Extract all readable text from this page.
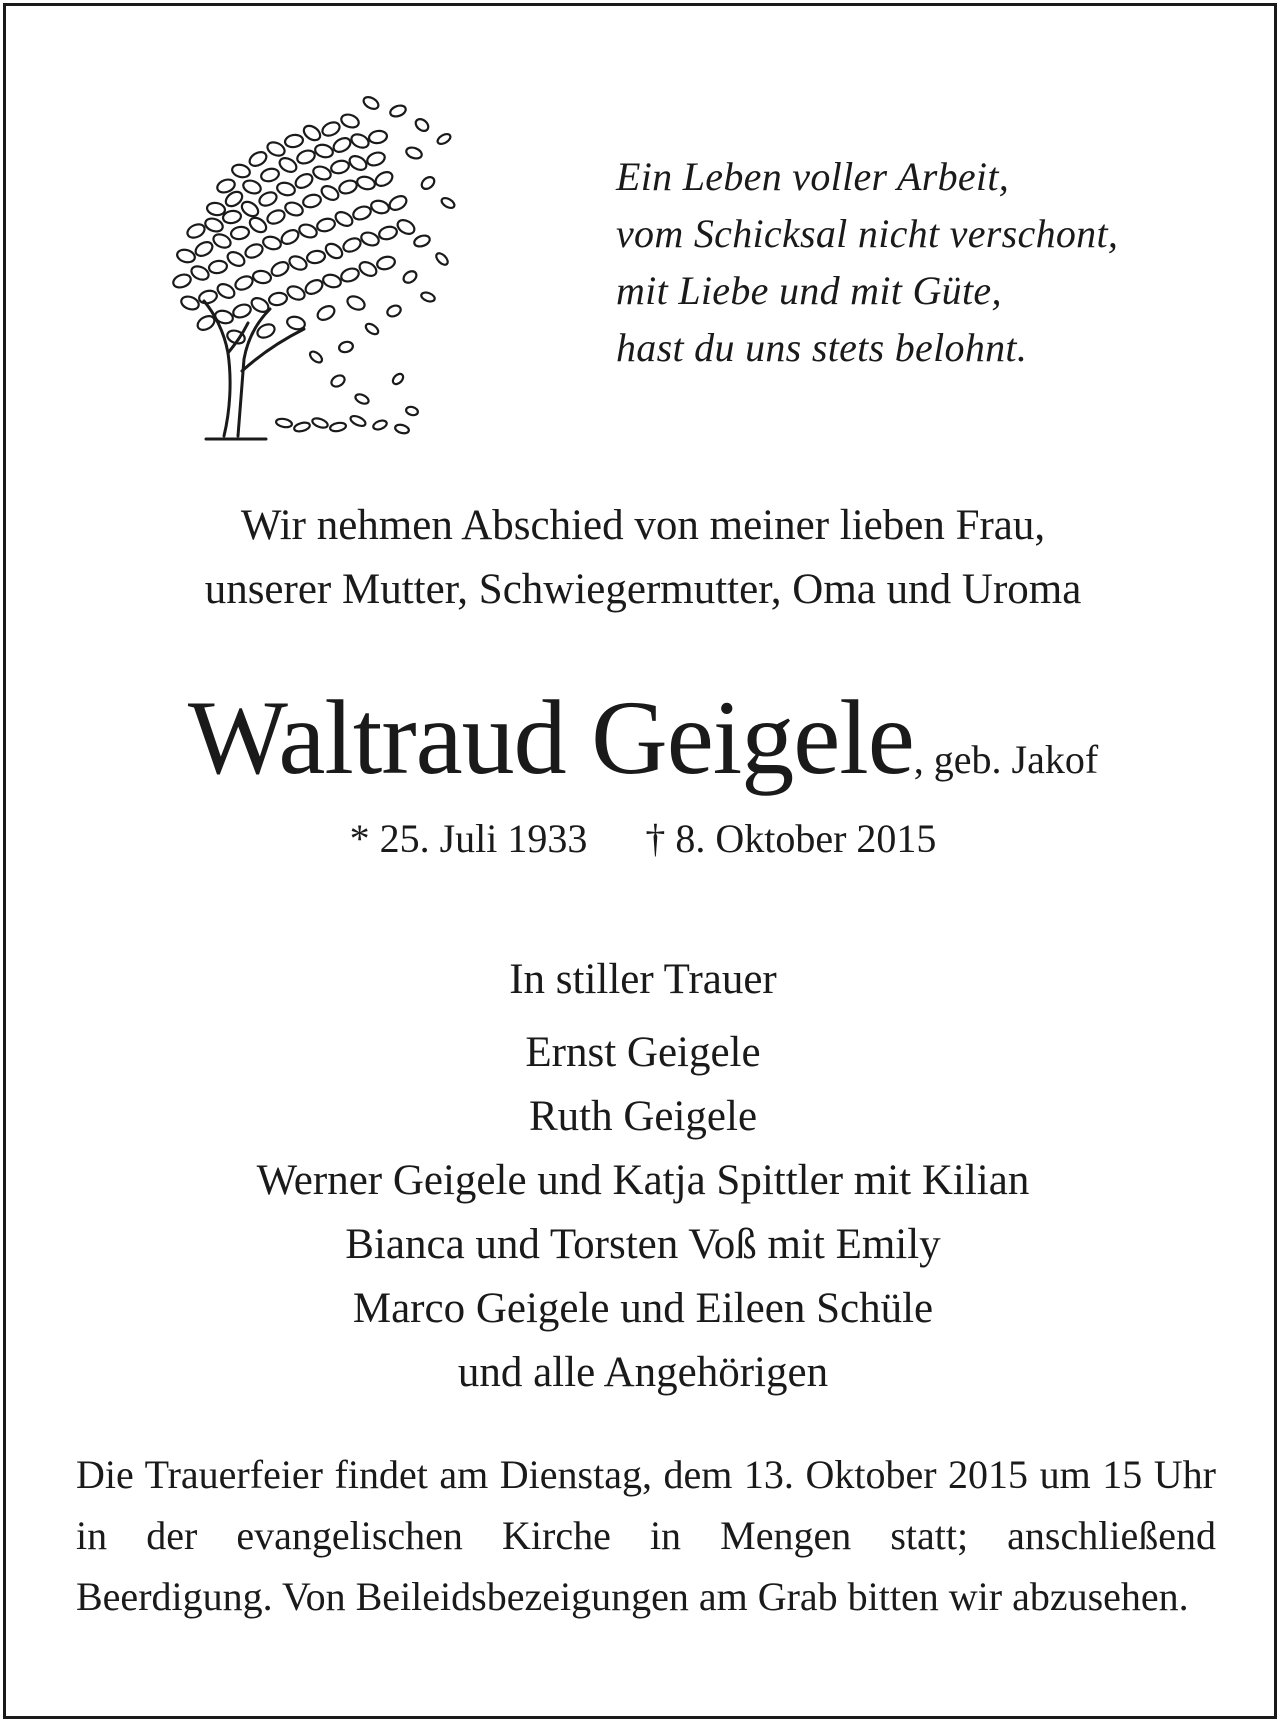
Ein Leben voller Arbeit,
vom Schicksal nicht verschont,
mit Liebe und mit Güte,
hast du uns stets belohnt.
Wir nehmen Abschied von meiner lieben Frau,
unserer Mutter, Schwiegermutter, Oma und Uroma
Waltraud Geigele, geb. Jakof
* 25. Juli 1933 † 8. Oktober 2015
In stiller Trauer
Ernst Geigele
Ruth Geigele
Werner Geigele und Katja Spittler mit Kilian
Bianca und Torsten Voß mit Emily
Marco Geigele und Eileen Schüle
und alle Angehörigen
Die Trauerfeier findet am Dienstag, dem 13. Oktober 2015 um 15 Uhr in der evangelischen Kirche in Mengen statt; anschließend Beerdigung. Von Beileidsbezeigungen am Grab bitten wir abzusehen.
